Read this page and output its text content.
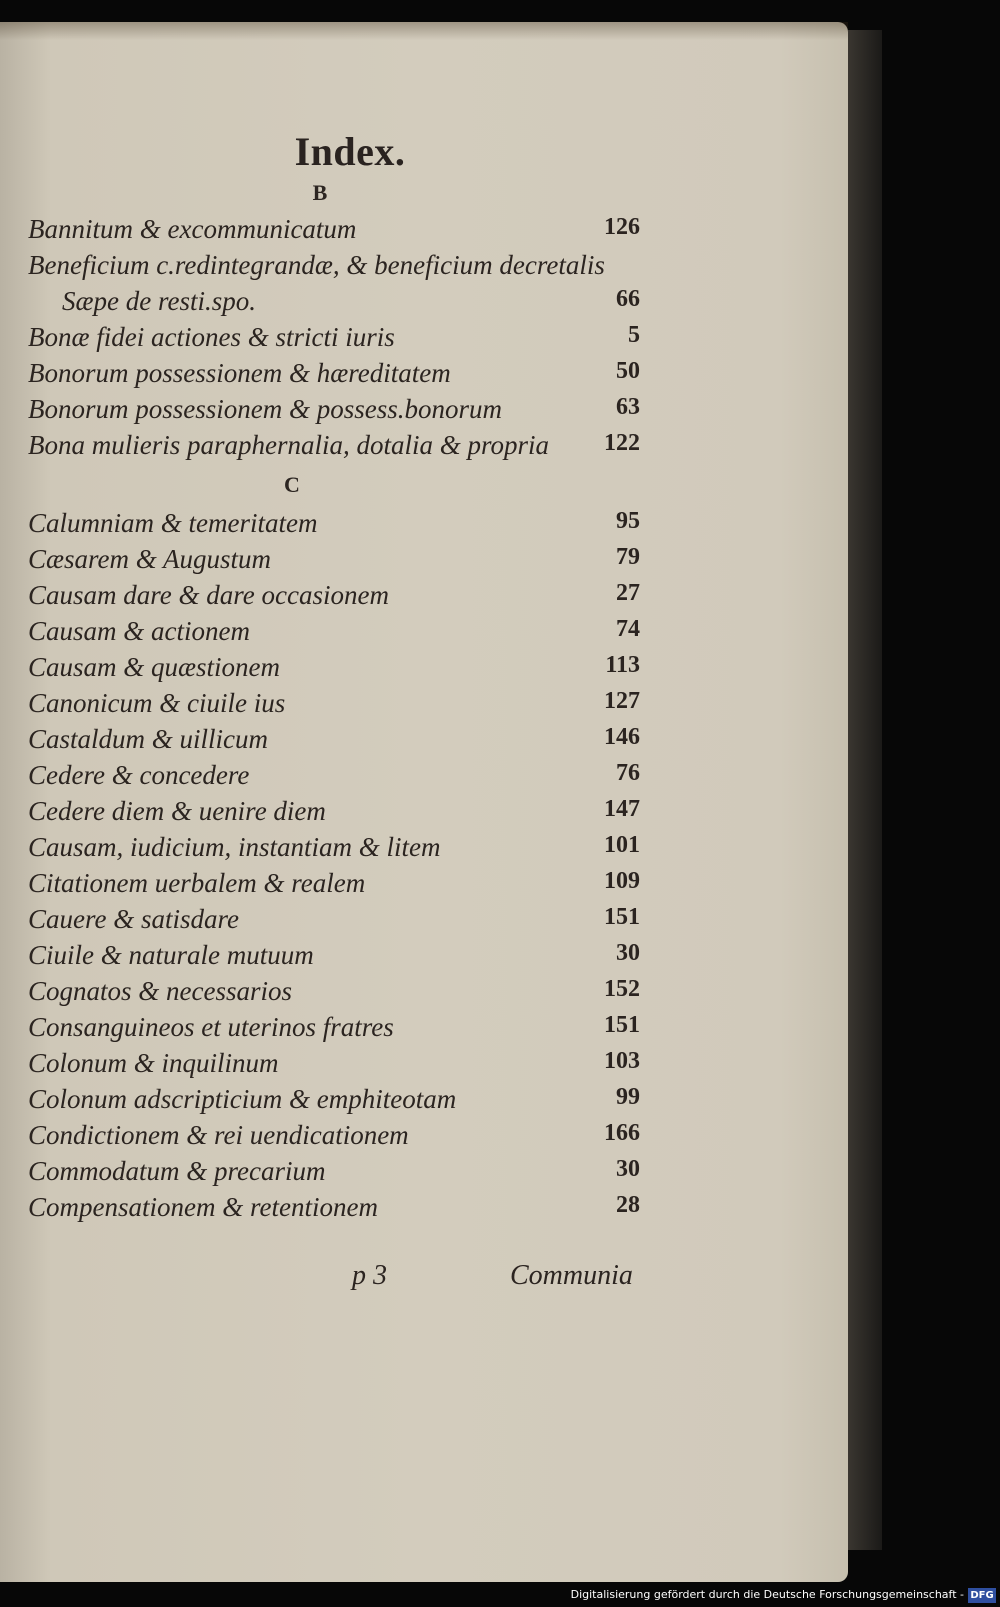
Index.
B
Bannitum & excommunicatum	126
Beneficium c.redintegrandæ, & beneficium decretalis
Sæpe de resti.spo.	66
Bonæ fidei actiones & stricti iuris	5
Bonorum possessionem & hæreditatem	50
Bonorum possessionem & possess.bonorum	63
Bona mulieris paraphernalia, dotalia & propria 122
C
Calumniam & temeritatem	95
Cæsarem & Augustum	79
Causam dare & dare occasionem	27
Causam & actionem	74
Causam & quæstionem	113
Canonicum & ciuile ius	127
Castaldum & uillicum	146
Cedere & concedere	76
Cedere diem & uenire diem	147
Causam, iudicium, instantiam & litem	101
Citationem uerbalem & realem	109
Cauere & satisdare	151
Ciuile & naturale mutuum	30
Cognatos & necessarios	152
Consanguineos et uterinos fratres	151
Colonum & inquilinum	103
Colonum adscripticium & emphiteotam	99
Condictionem & rei uendicationem	166
Commodatum & precarium	30
Compensationem & retentionem	28
p 3	Communia
Digitalisierung gefördert durch die Deutsche Forschungsgemeinschaft - DFG
